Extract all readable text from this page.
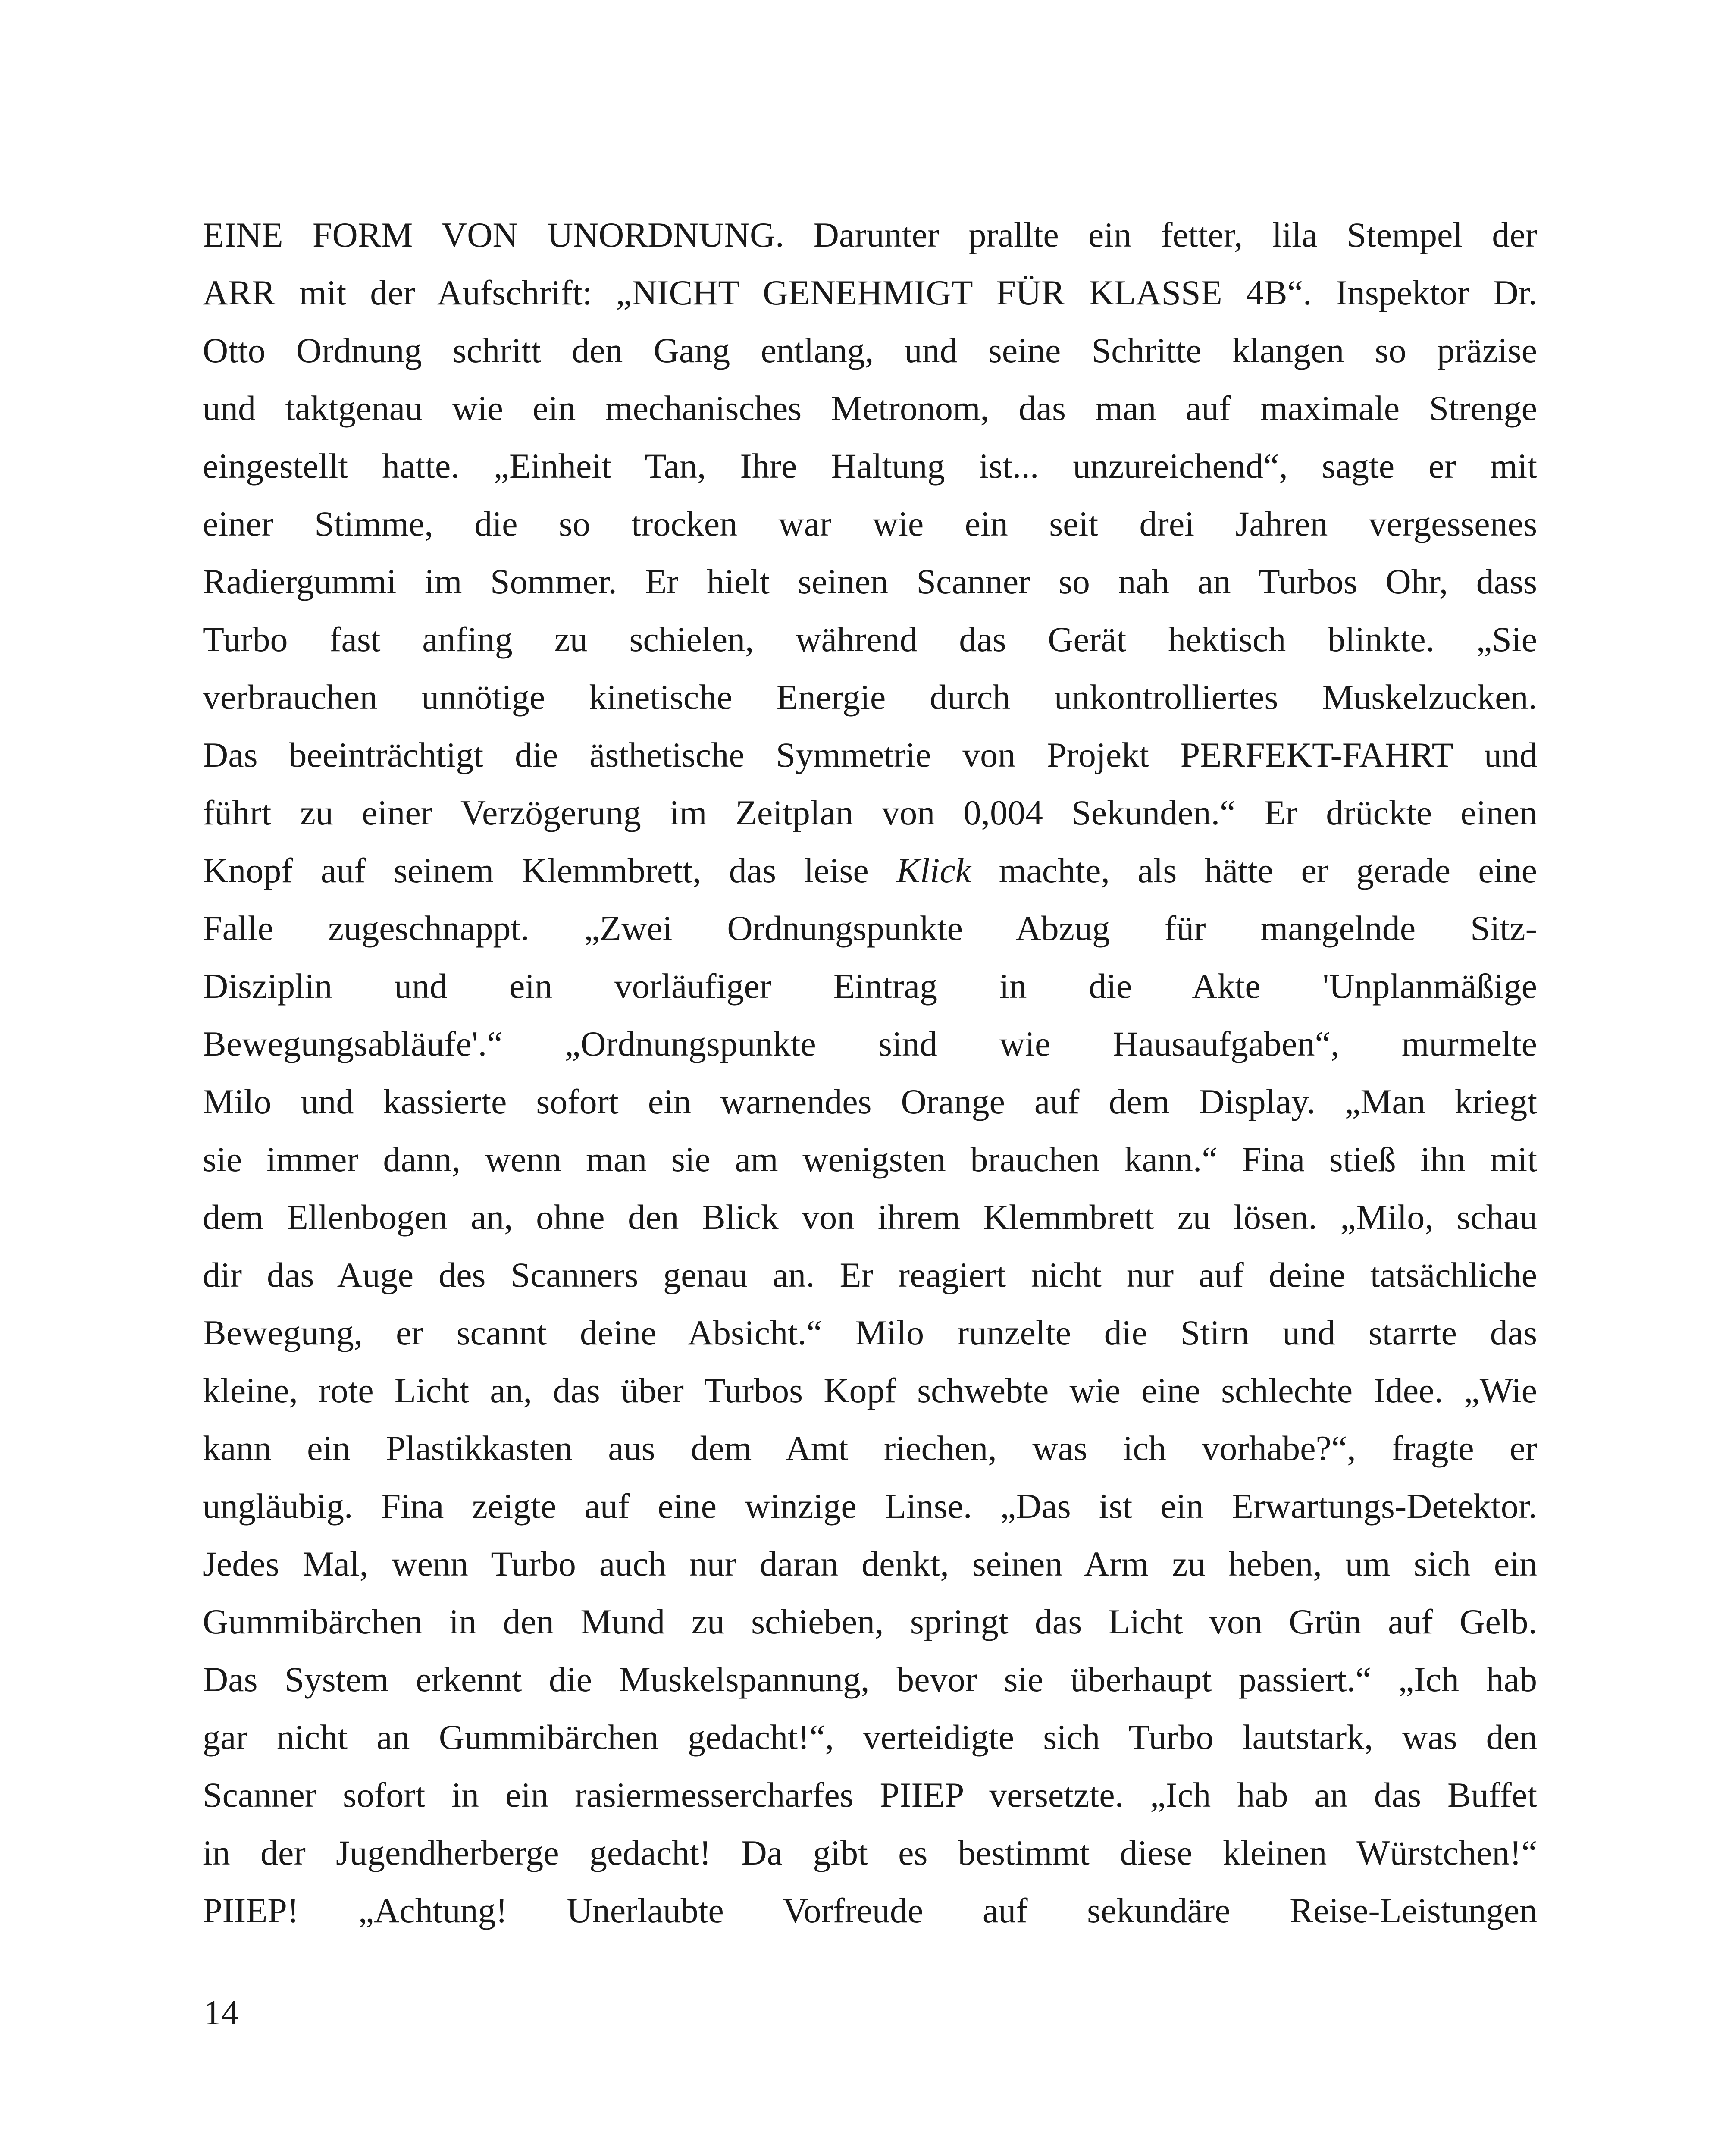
EINE FORM VON UNORDNUNG. Darunter prallte ein fetter, lila Stempel der
ARR mit der Aufschrift: „NICHT GENEHMIGT FÜR KLASSE 4B“. Inspektor Dr.
Otto Ordnung schritt den Gang entlang, und seine Schritte klangen so präzise
und taktgenau wie ein mechanisches Metronom, das man auf maximale Strenge
eingestellt hatte. „Einheit Tan, Ihre Haltung ist... unzureichend“, sagte er mit
einer Stimme, die so trocken war wie ein seit drei Jahren vergessenes
Radiergummi im Sommer. Er hielt seinen Scanner so nah an Turbos Ohr, dass
Turbo fast anfing zu schielen, während das Gerät hektisch blinkte. „Sie
verbrauchen unnötige kinetische Energie durch unkontrolliertes Muskelzucken.
Das beeinträchtigt die ästhetische Symmetrie von Projekt PERFEKT-FAHRT und
führt zu einer Verzögerung im Zeitplan von 0,004 Sekunden.“ Er drückte einen
Knopf auf seinem Klemmbrett, das leise Klick machte, als hätte er gerade eine
Falle zugeschnappt. „Zwei Ordnungspunkte Abzug für mangelnde Sitz-
Disziplin und ein vorläufiger Eintrag in die Akte 'Unplanmäßige
Bewegungsabläufe'.“ „Ordnungspunkte sind wie Hausaufgaben“, murmelte
Milo und kassierte sofort ein warnendes Orange auf dem Display. „Man kriegt
sie immer dann, wenn man sie am wenigsten brauchen kann.“ Fina stieß ihn mit
dem Ellenbogen an, ohne den Blick von ihrem Klemmbrett zu lösen. „Milo, schau
dir das Auge des Scanners genau an. Er reagiert nicht nur auf deine tatsächliche
Bewegung, er scannt deine Absicht.“ Milo runzelte die Stirn und starrte das
kleine, rote Licht an, das über Turbos Kopf schwebte wie eine schlechte Idee. „Wie
kann ein Plastikkasten aus dem Amt riechen, was ich vorhabe?“, fragte er
ungläubig. Fina zeigte auf eine winzige Linse. „Das ist ein Erwartungs-Detektor.
Jedes Mal, wenn Turbo auch nur daran denkt, seinen Arm zu heben, um sich ein
Gummibärchen in den Mund zu schieben, springt das Licht von Grün auf Gelb.
Das System erkennt die Muskelspannung, bevor sie überhaupt passiert.“ „Ich hab
gar nicht an Gummibärchen gedacht!“, verteidigte sich Turbo lautstark, was den
Scanner sofort in ein rasiermessercharfes PIIEP versetzte. „Ich hab an das Buffet
in der Jugendherberge gedacht! Da gibt es bestimmt diese kleinen Würstchen!“
PIIEP! „Achtung! Unerlaubte Vorfreude auf sekundäre Reise-Leistungen
14
